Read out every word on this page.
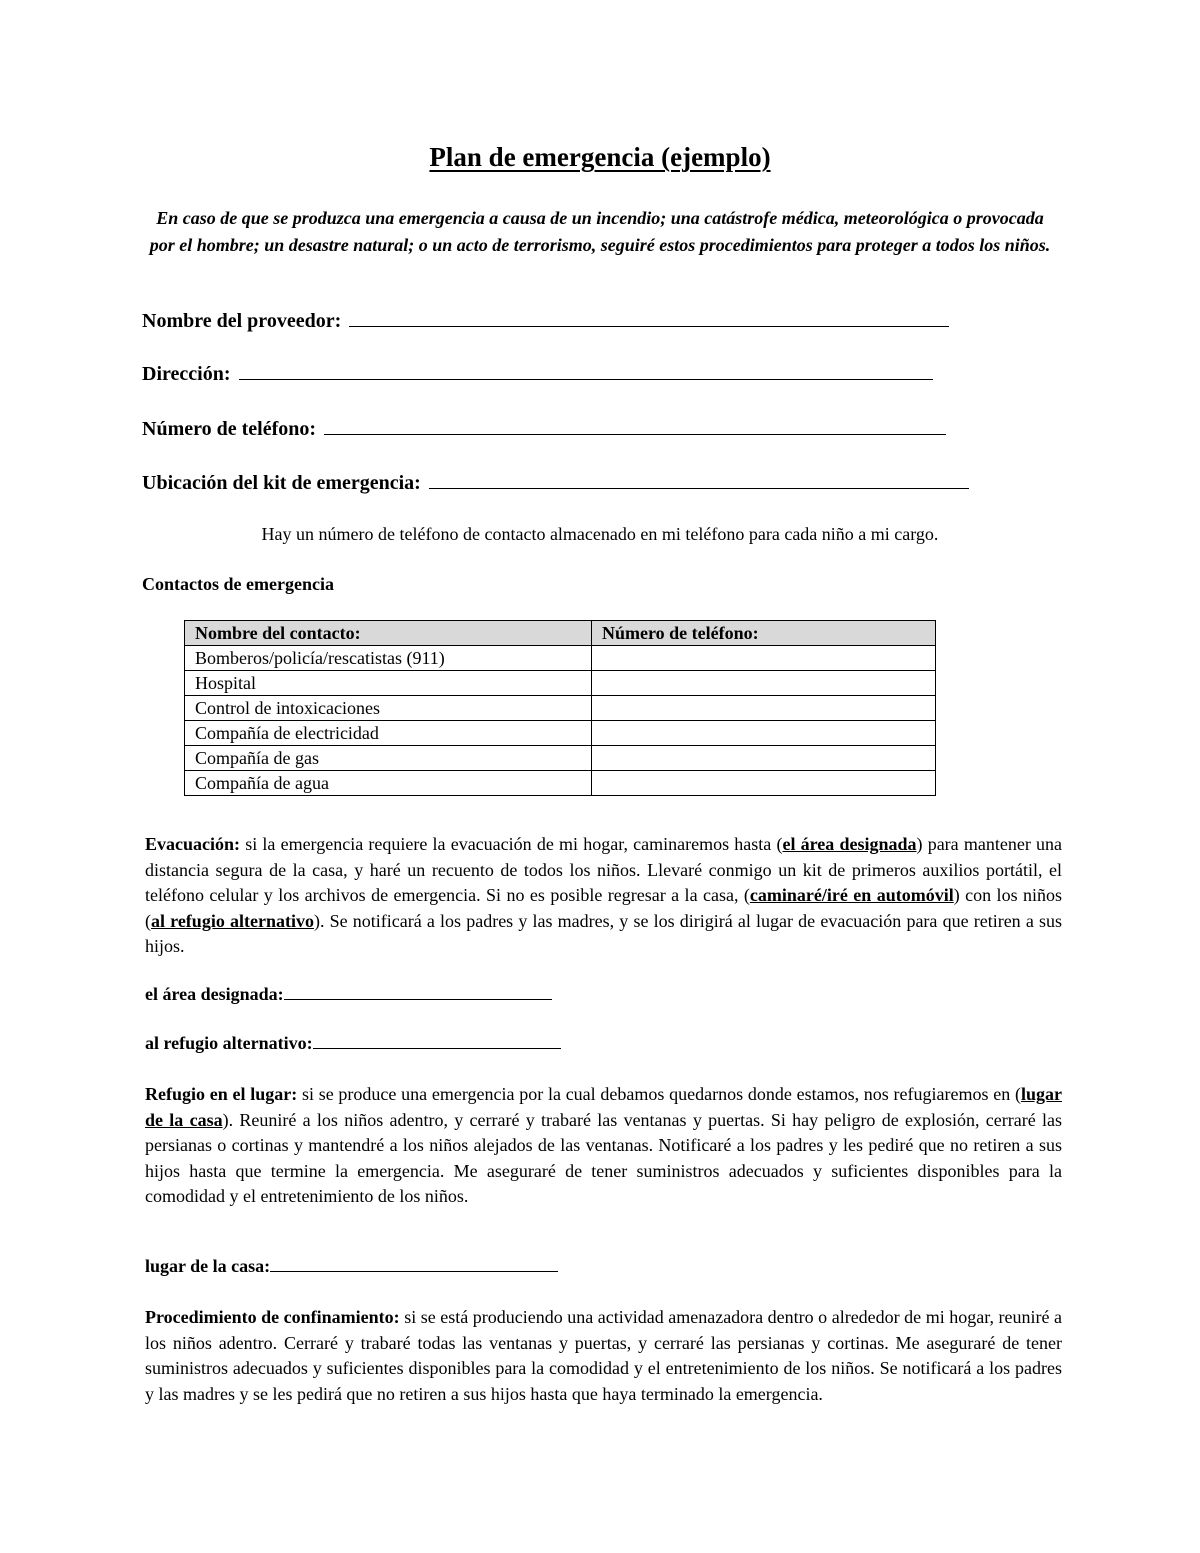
Plan de emergencia (ejemplo)
En caso de que se produzca una emergencia a causa de un incendio; una catástrofe médica, meteorológica o provocada por el hombre; un desastre natural; o un acto de terrorismo, seguiré estos procedimientos para proteger a todos los niños.
Nombre del proveedor:
Dirección:
Número de teléfono:
Ubicación del kit de emergencia:
Hay un número de teléfono de contacto almacenado en mi teléfono para cada niño a mi cargo.
Contactos de emergencia
Nombre del contacto:	Número de teléfono:
Bomberos/policía/rescatistas (911)	
Hospital	
Control de intoxicaciones	
Compañía de electricidad	
Compañía de gas	
Compañía de agua	
Evacuación: si la emergencia requiere la evacuación de mi hogar, caminaremos hasta (el área designada) para mantener una distancia segura de la casa, y haré un recuento de todos los niños. Llevaré conmigo un kit de primeros auxilios portátil, el teléfono celular y los archivos de emergencia. Si no es posible regresar a la casa, (caminaré/iré en automóvil) con los niños (al refugio alternativo). Se notificará a los padres y las madres, y se los dirigirá al lugar de evacuación para que retiren a sus hijos.
el área designada:
al refugio alternativo:
Refugio en el lugar: si se produce una emergencia por la cual debamos quedarnos donde estamos, nos refugiaremos en (lugar de la casa). Reuniré a los niños adentro, y cerraré y trabaré las ventanas y puertas. Si hay peligro de explosión, cerraré las persianas o cortinas y mantendré a los niños alejados de las ventanas. Notificaré a los padres y les pediré que no retiren a sus hijos hasta que termine la emergencia. Me aseguraré de tener suministros adecuados y suficientes disponibles para la comodidad y el entretenimiento de los niños.
lugar de la casa:
Procedimiento de confinamiento: si se está produciendo una actividad amenazadora dentro o alrededor de mi hogar, reuniré a los niños adentro. Cerraré y trabaré todas las ventanas y puertas, y cerraré las persianas y cortinas. Me aseguraré de tener suministros adecuados y suficientes disponibles para la comodidad y el entretenimiento de los niños. Se notificará a los padres y las madres y se les pedirá que no retiren a sus hijos hasta que haya terminado la emergencia.
